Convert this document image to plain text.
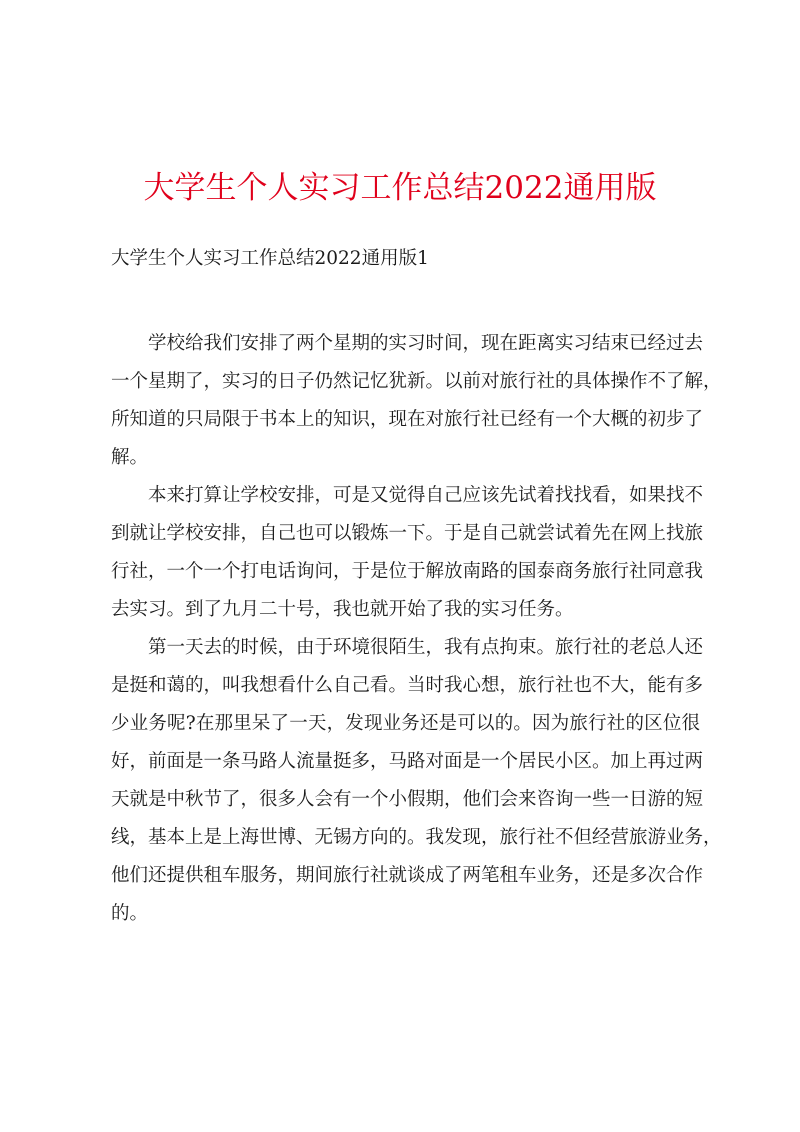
大学生个人实习工作总结2022通用版
大学生个人实习工作总结2022通用版1
学校给我们安排了两个星期的实习时间，现在距离实习结束已经过去
一个星期了，实习的日子仍然记忆犹新。以前对旅行社的具体操作不了解，
所知道的只局限于书本上的知识，现在对旅行社已经有一个大概的初步了
解。
本来打算让学校安排，可是又觉得自己应该先试着找找看，如果找不
到就让学校安排，自己也可以锻炼一下。于是自己就尝试着先在网上找旅
行社，一个一个打电话询问，于是位于解放南路的国泰商务旅行社同意我
去实习。到了九月二十号，我也就开始了我的实习任务。
第一天去的时候，由于环境很陌生，我有点拘束。旅行社的老总人还
是挺和蔼的，叫我想看什么自己看。当时我心想，旅行社也不大，能有多
少业务呢?在那里呆了一天，发现业务还是可以的。因为旅行社的区位很
好，前面是一条马路人流量挺多，马路对面是一个居民小区。加上再过两
天就是中秋节了，很多人会有一个小假期，他们会来咨询一些一日游的短
线，基本上是上海世博、无锡方向的。我发现，旅行社不但经营旅游业务，
他们还提供租车服务，期间旅行社就谈成了两笔租车业务，还是多次合作
的。
